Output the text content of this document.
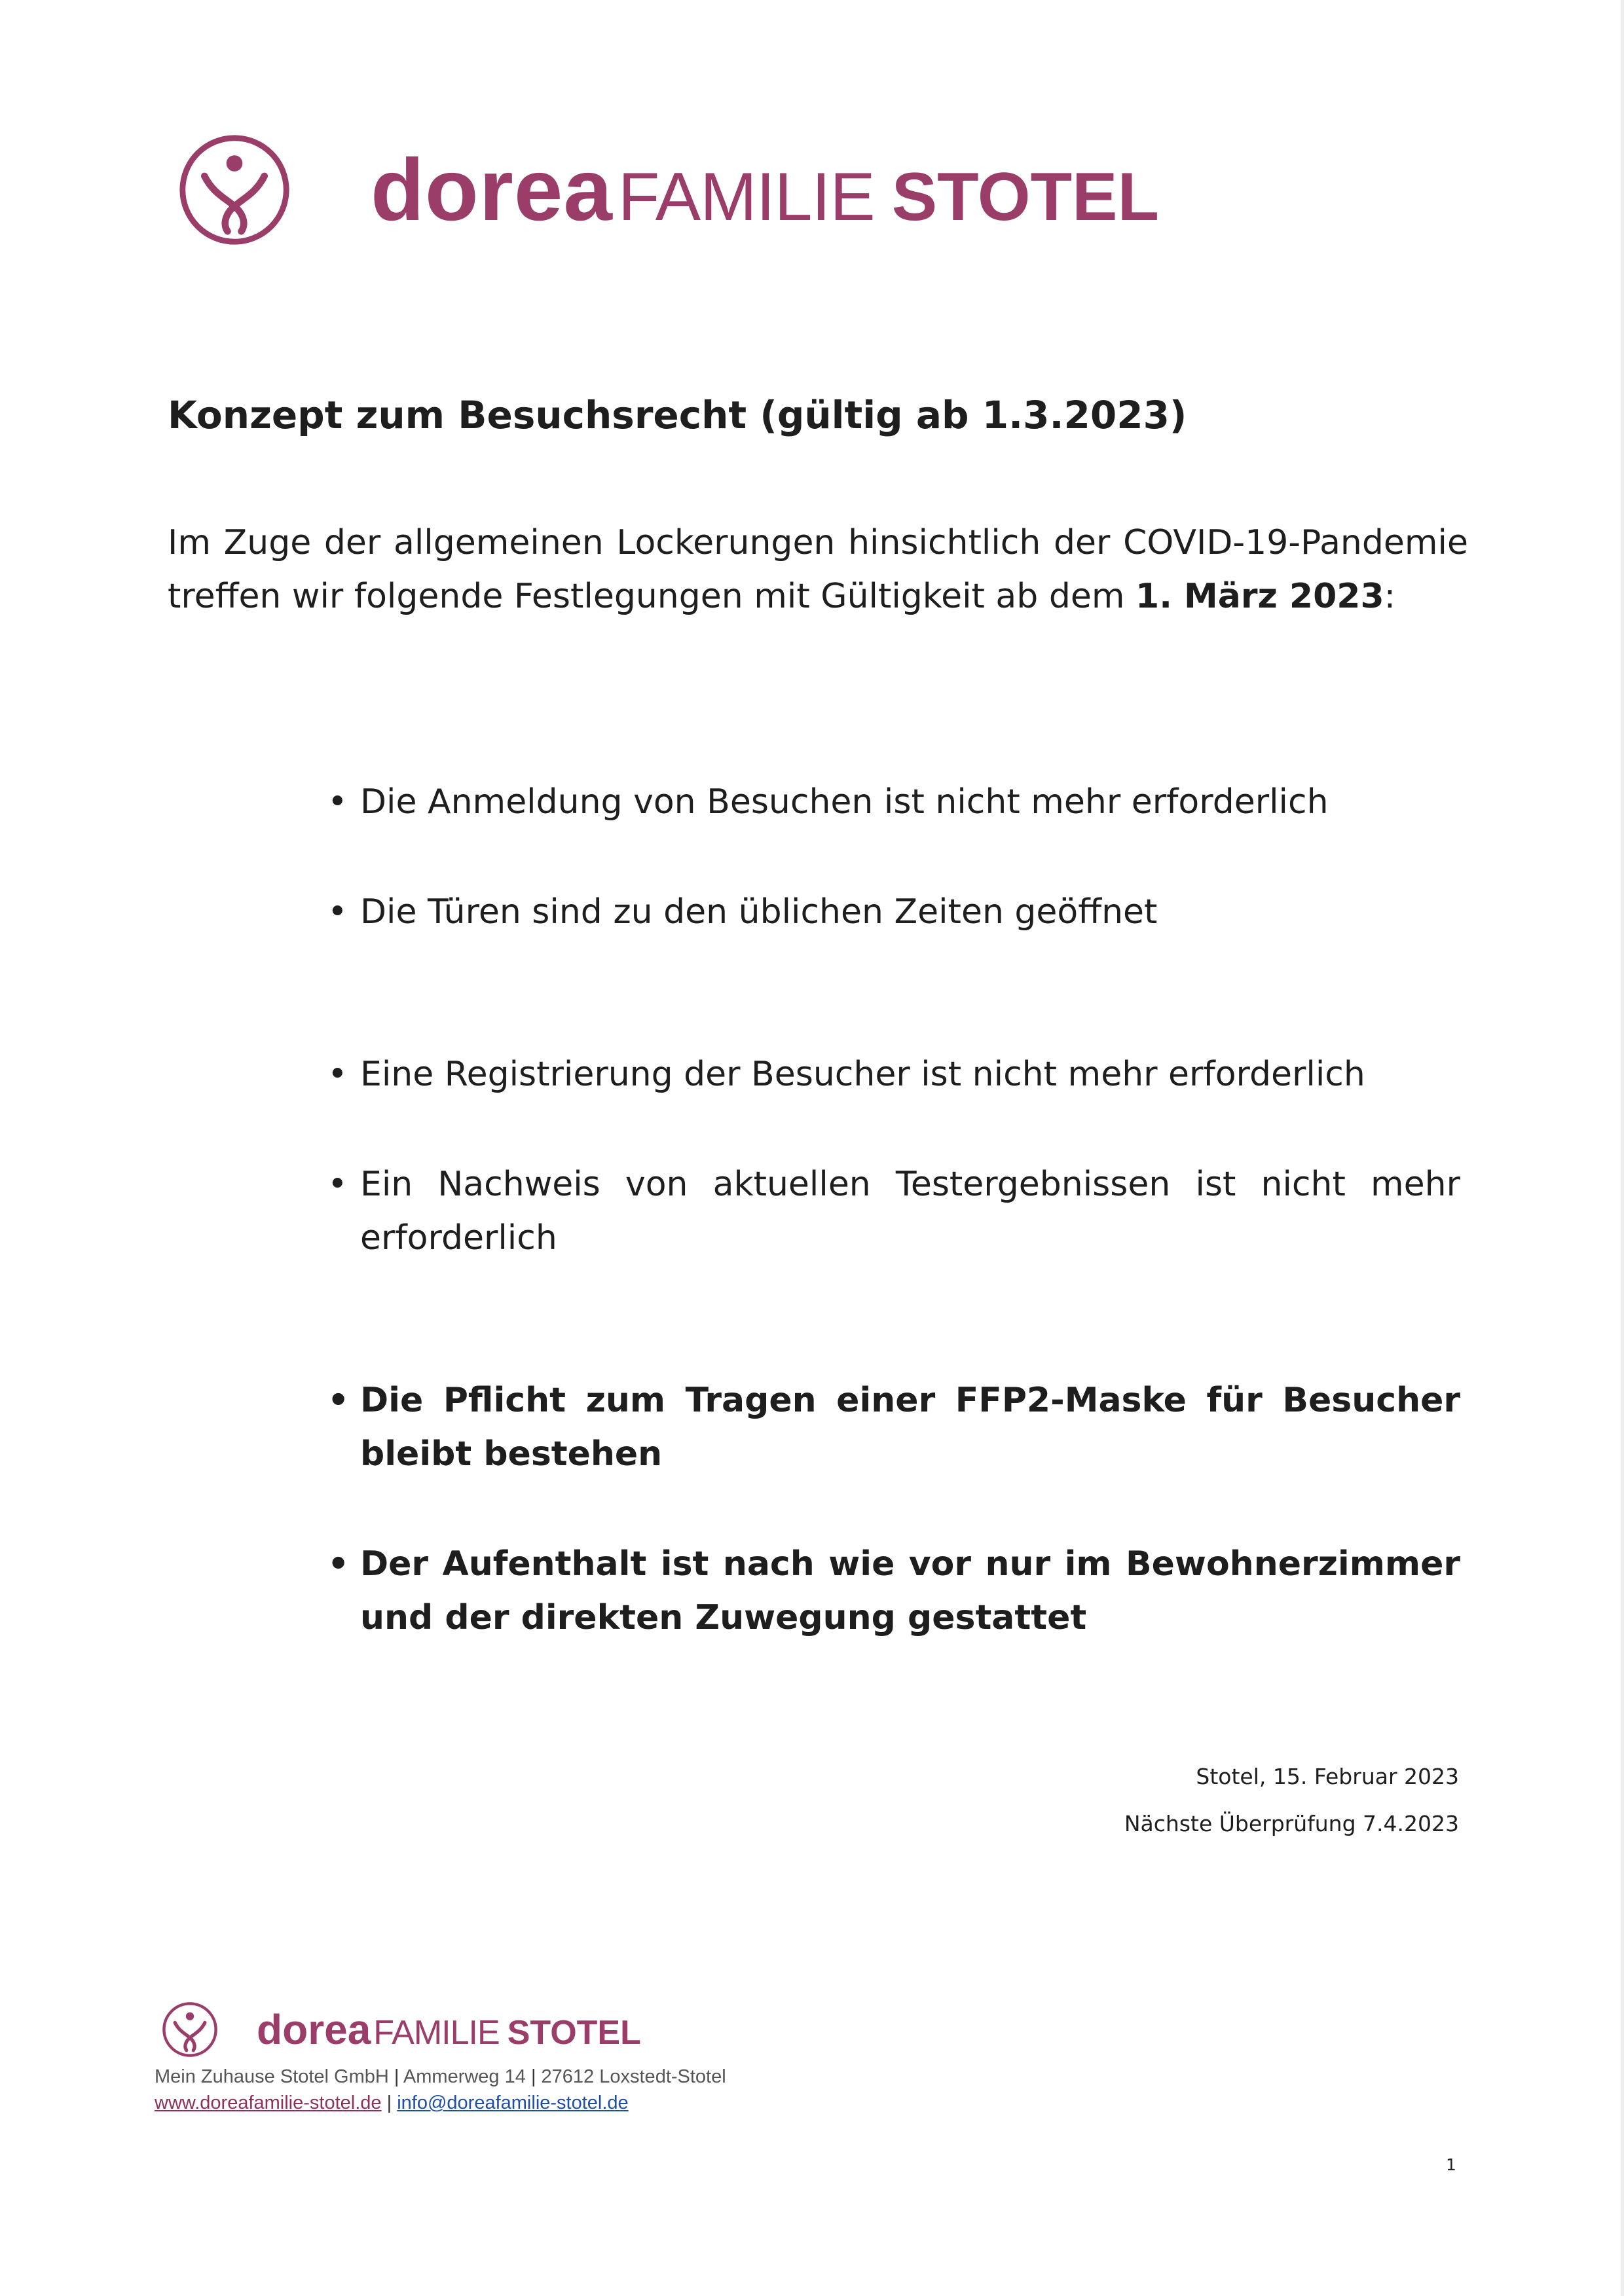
dorea FAMILIE STOTEL
Konzept zum Besuchsrecht (gültig ab 1.3.2023)

Im Zuge der allgemeinen Lockerungen hinsichtlich der COVID-19-Pandemie treffen wir folgende Festlegungen mit Gültigkeit ab dem 1. März 2023:

• Die Anmeldung von Besuchen ist nicht mehr erforderlich

• Die Türen sind zu den üblichen Zeiten geöffnet

• Eine Registrierung der Besucher ist nicht mehr erforderlich

• Ein Nachweis von aktuellen Testergebnissen ist nicht mehr erforderlich

• Die Pflicht zum Tragen einer FFP2-Maske für Besucher bleibt bestehen

• Der Aufenthalt ist nach wie vor nur im Bewohnerzimmer und der direkten Zuwegung gestattet

Stotel, 15. Februar 2023

Nächste Überprüfung 7.4.2023

dorea FAMILIE STOTEL

Mein Zuhause Stotel GmbH | Ammerweg 14 | 27612 Loxstedt-Stotel

www.doreafamilie-stotel.de | info@doreafamilie-stotel.de

1
